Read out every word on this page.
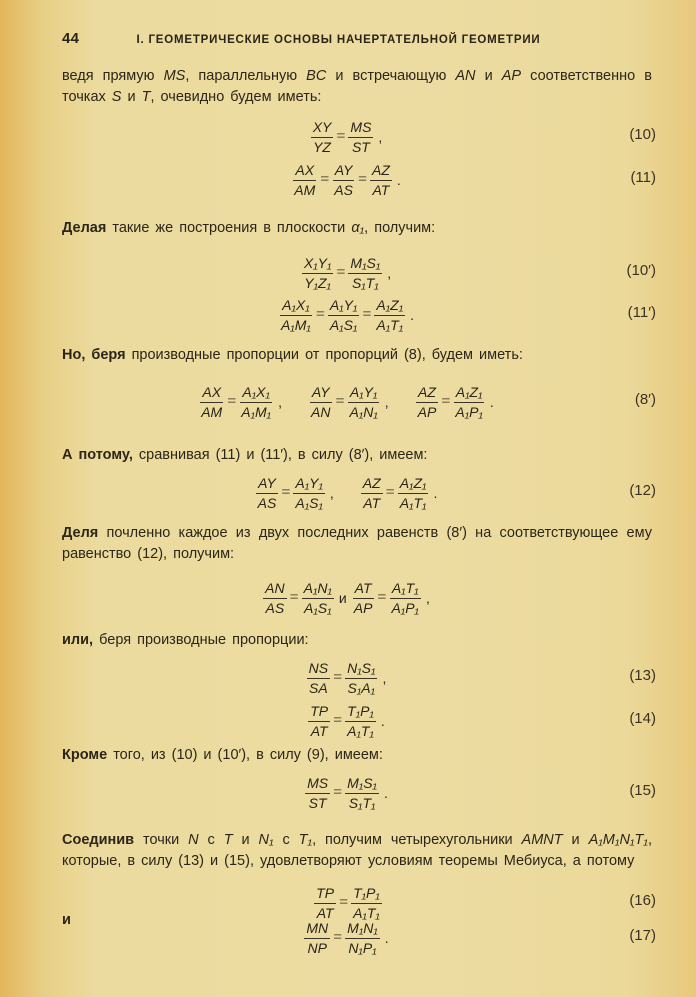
44	I. ГЕОМЕТРИЧЕСКИЕ ОСНОВЫ НАЧЕРТАТЕЛЬНОЙ ГЕОМЕТРИИ
ведя прямую MS, параллельную BC и встречающую AN и AP соответственно в точках S и T, очевидно будем иметь:
$\frac{XY}{YZ} = \frac{MS}{ST}$ ,	(10)
$\frac{AX}{AM} = \frac{AY}{AS} = \frac{AZ}{AT}$ .	(11)
Делая такие же построения в плоскости α₁, получим:
$\frac{\text{X₁Y₁}}{\text{Y₁Z₁}} = \frac{\text{M₁S₁}}{\text{S₁T₁}}$ ,	(10′)
$\frac{\text{A₁X₁}}{\text{A₁M₁}} = \frac{\text{A₁Y₁}}{\text{A₁S₁}} = \frac{\text{A₁Z₁}}{\text{A₁T₁}}$ .	(11′)
Но, беря производные пропорции от пропорций (8), будем иметь:
$\frac{AX}{AM} = \frac{\text{A₁X₁}}{\text{A₁M₁}}$ , $\frac{AY}{AN} = \frac{\text{A₁Y₁}}{\text{A₁N₁}}$ , $\frac{AZ}{AP} = \frac{\text{A₁Z₁}}{\text{A₁P₁}}$ .	(8′)
А потому, сравнивая (11) и (11′), в силу (8′), имеем:
$\frac{AY}{AS} = \frac{\text{A₁Y₁}}{\text{A₁S₁}}$ , $\frac{AZ}{AT} = \frac{\text{A₁Z₁}}{\text{A₁T₁}}$ .	(12)
Деля почленно каждое из двух последних равенств (8′) на соответствующее ему равенство (12), получим:
$\frac{AN}{AS} = \frac{\text{A₁N₁}}{\text{A₁S₁}}$ и $\frac{AT}{AP} = \frac{\text{A₁T₁}}{\text{A₁P₁}}$ ,
или, беря производные пропорции:
$\frac{NS}{SA} = \frac{\text{N₁S₁}}{\text{S₁A₁}}$ ,	(13)
$\frac{TP}{AT} = \frac{\text{T₁P₁}}{\text{A₁T₁}}$ .	(14)
Кроме того, из (10) и (10′), в силу (9), имеем:
$\frac{MS}{ST} = \frac{\text{M₁S₁}}{\text{S₁T₁}}$ .	(15)
Соединив точки N с T и N₁ с T₁, получим четырехугольники AMNT и A₁M₁N₁T₁, которые, в силу (13) и (15), удовлетворяют условиям теоремы Мебиуса, а потому
$\frac{TP}{AT} = \frac{\text{T₁P₁}}{\text{A₁T₁}}$	(16)
и	$\frac{MN}{NP} = \frac{\text{M₁N₁}}{\text{N₁P₁}}$ .	(17)
